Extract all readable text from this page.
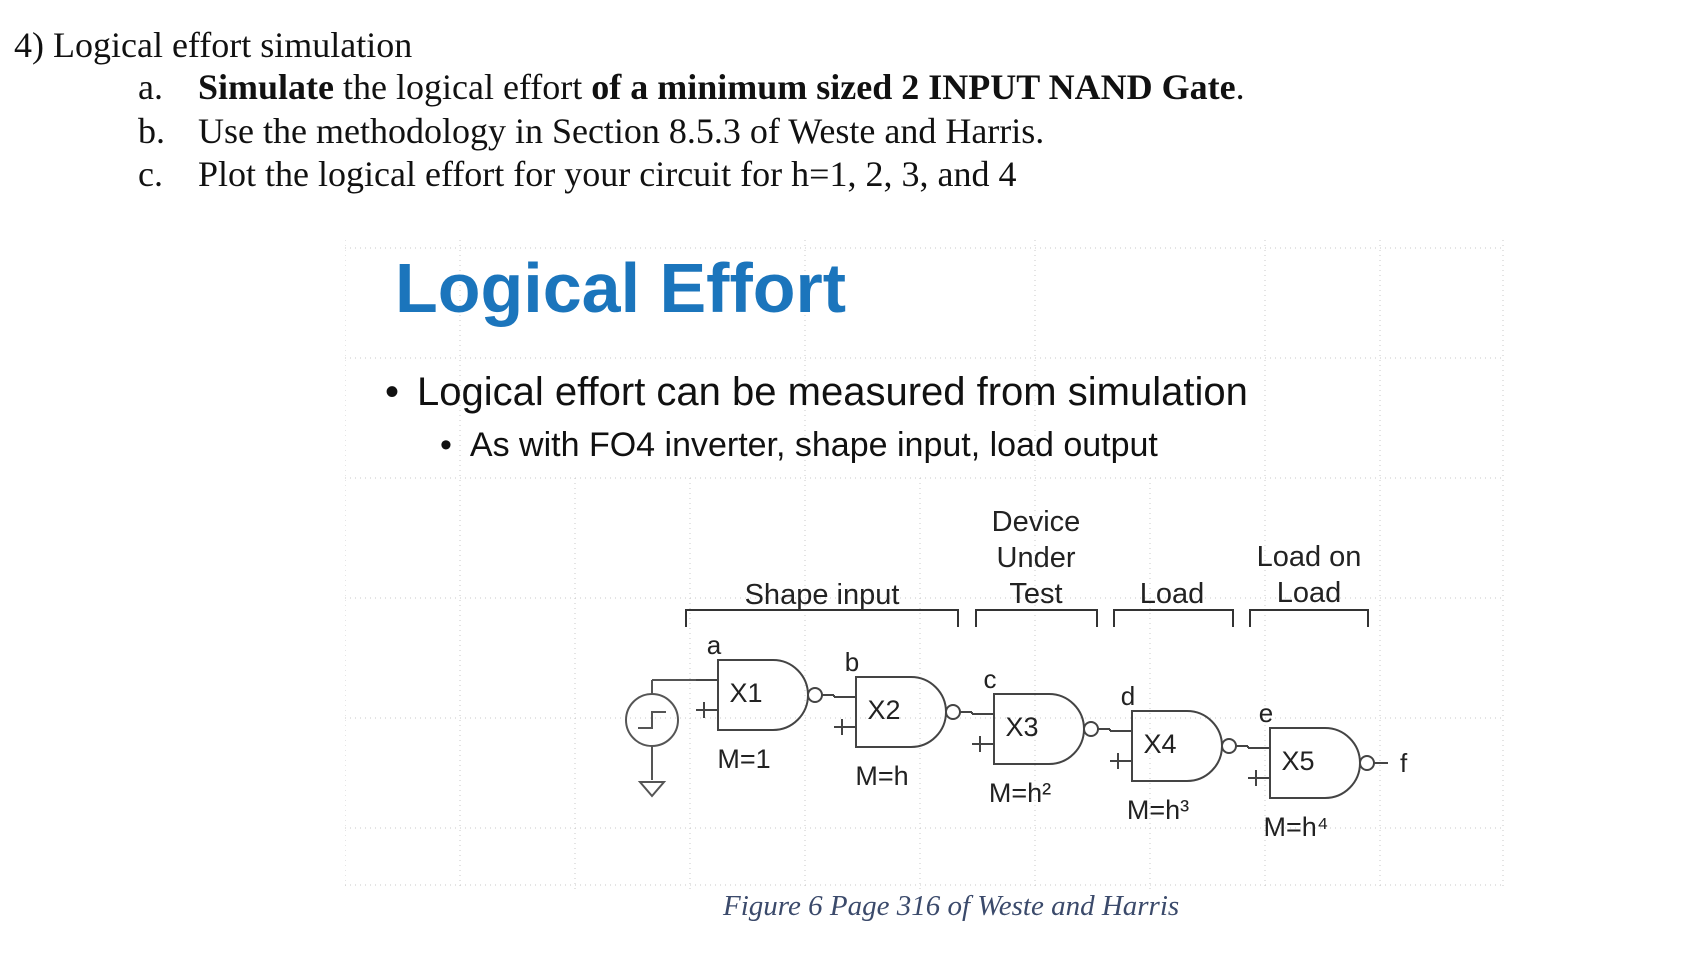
4) Logical effort simulation
a. Simulate the logical effort of a minimum sized 2 INPUT NAND Gate.
b. Use the methodology in Section 8.5.3 of Weste and Harris.
c. Plot the logical effort for your circuit for h=1, 2, 3, and 4
Logical Effort
• Logical effort can be measured from simulation
• As with FO4 inverter, shape input, load output
Shape input
Device
Under
Test	Load
Load on
Load
X1
M=1
a
X2
M=h
b
X3
M=h²
c
X4
M=h³
d
X5
M=h⁴
e
f
Figure 6 Page 316 of Weste and Harris
